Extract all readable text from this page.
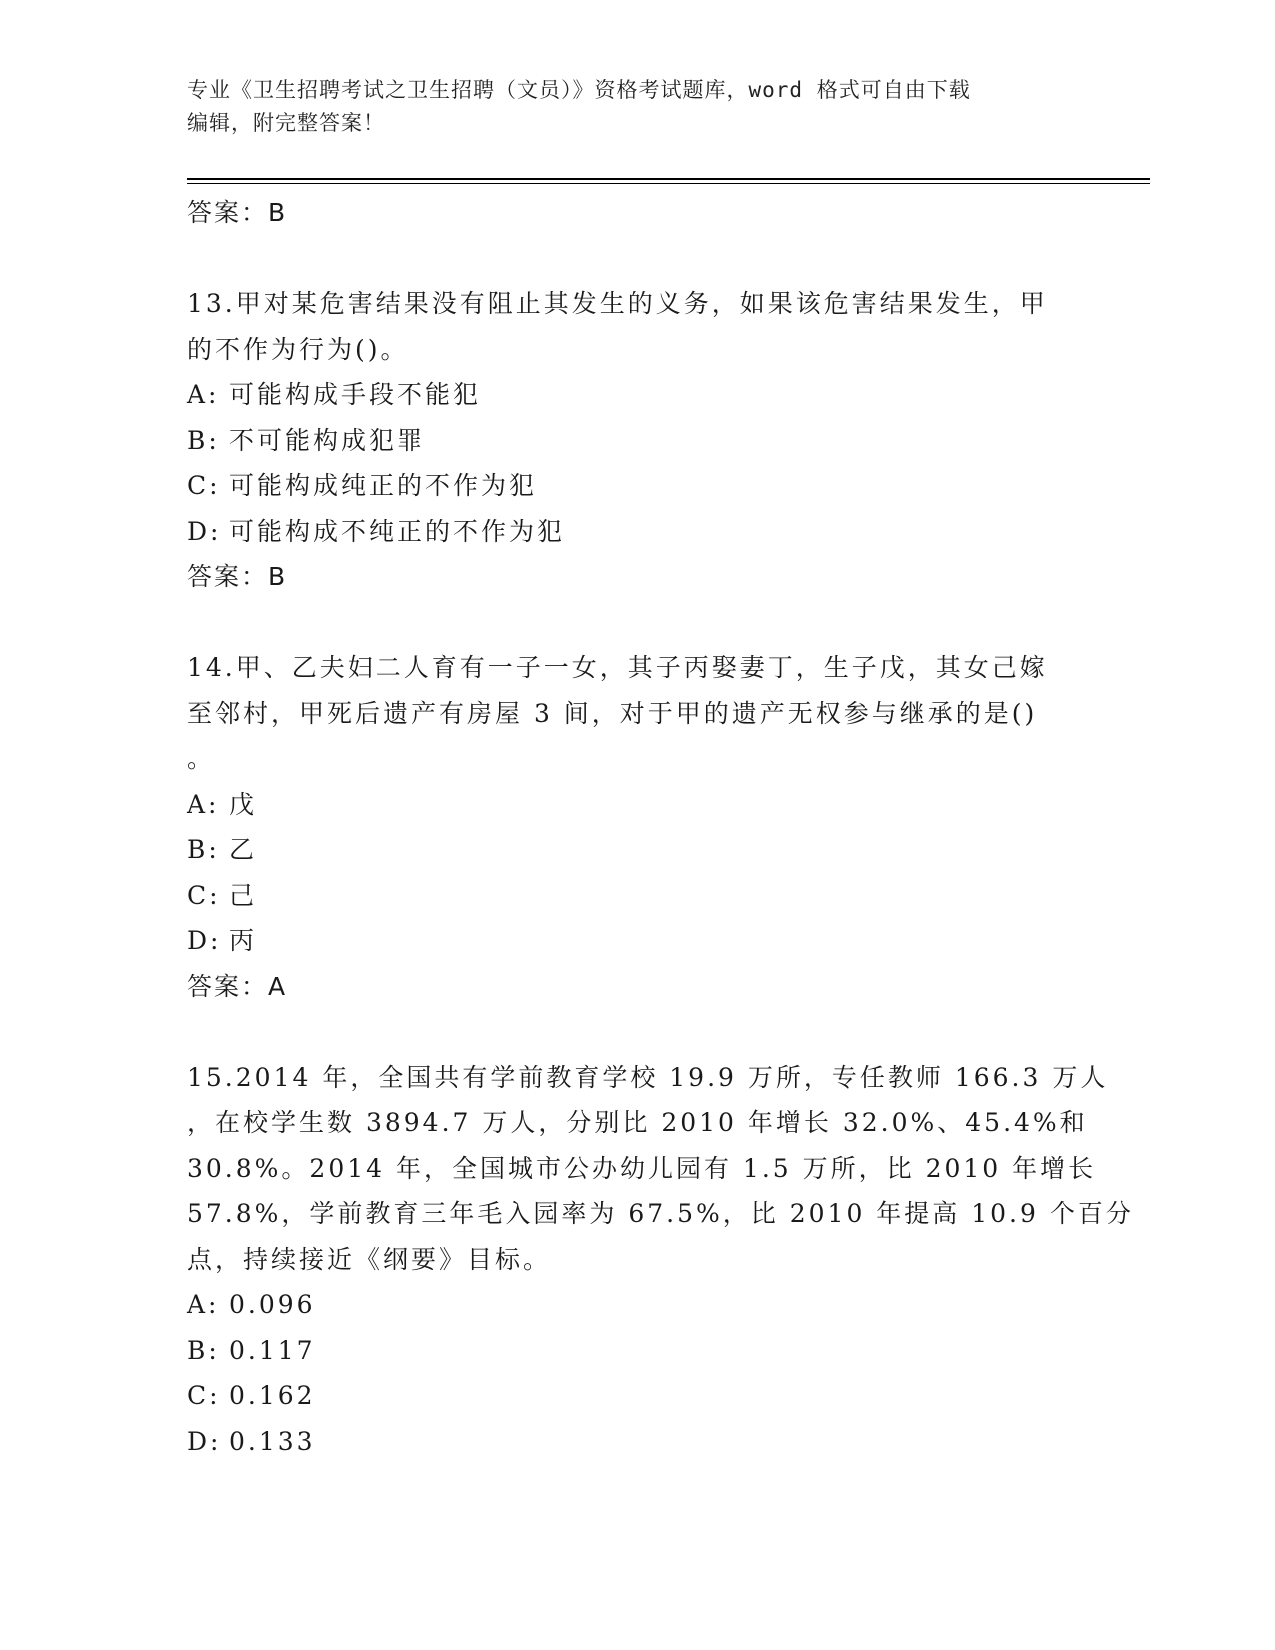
专业《卫生招聘考试之卫生招聘（文员）》资格考试题库，word 格式可自由下载
编辑，附完整答案！
答案：B
13.甲对某危害结果没有阻止其发生的义务，如果该危害结果发生，甲
的不作为行为()。
A: 可能构成手段不能犯
B: 不可能构成犯罪
C: 可能构成纯正的不作为犯
D: 可能构成不纯正的不作为犯
答案：B
14.甲、乙夫妇二人育有一子一女，其子丙娶妻丁，生子戊，其女己嫁
至邻村，甲死后遗产有房屋 3 间，对于甲的遗产无权参与继承的是()
。
A: 戊
B: 乙
C: 己
D: 丙
答案：A
15.2014 年，全国共有学前教育学校 19.9 万所，专任教师 166.3 万人
，在校学生数 3894.7 万人，分别比 2010 年增长 32.0%、45.4%和
30.8%。2014 年，全国城市公办幼儿园有 1.5 万所，比 2010 年增长
57.8%，学前教育三年毛入园率为 67.5%，比 2010 年提高 10.9 个百分
点，持续接近《纲要》目标。
A: 0.096
B: 0.117
C: 0.162
D: 0.133
